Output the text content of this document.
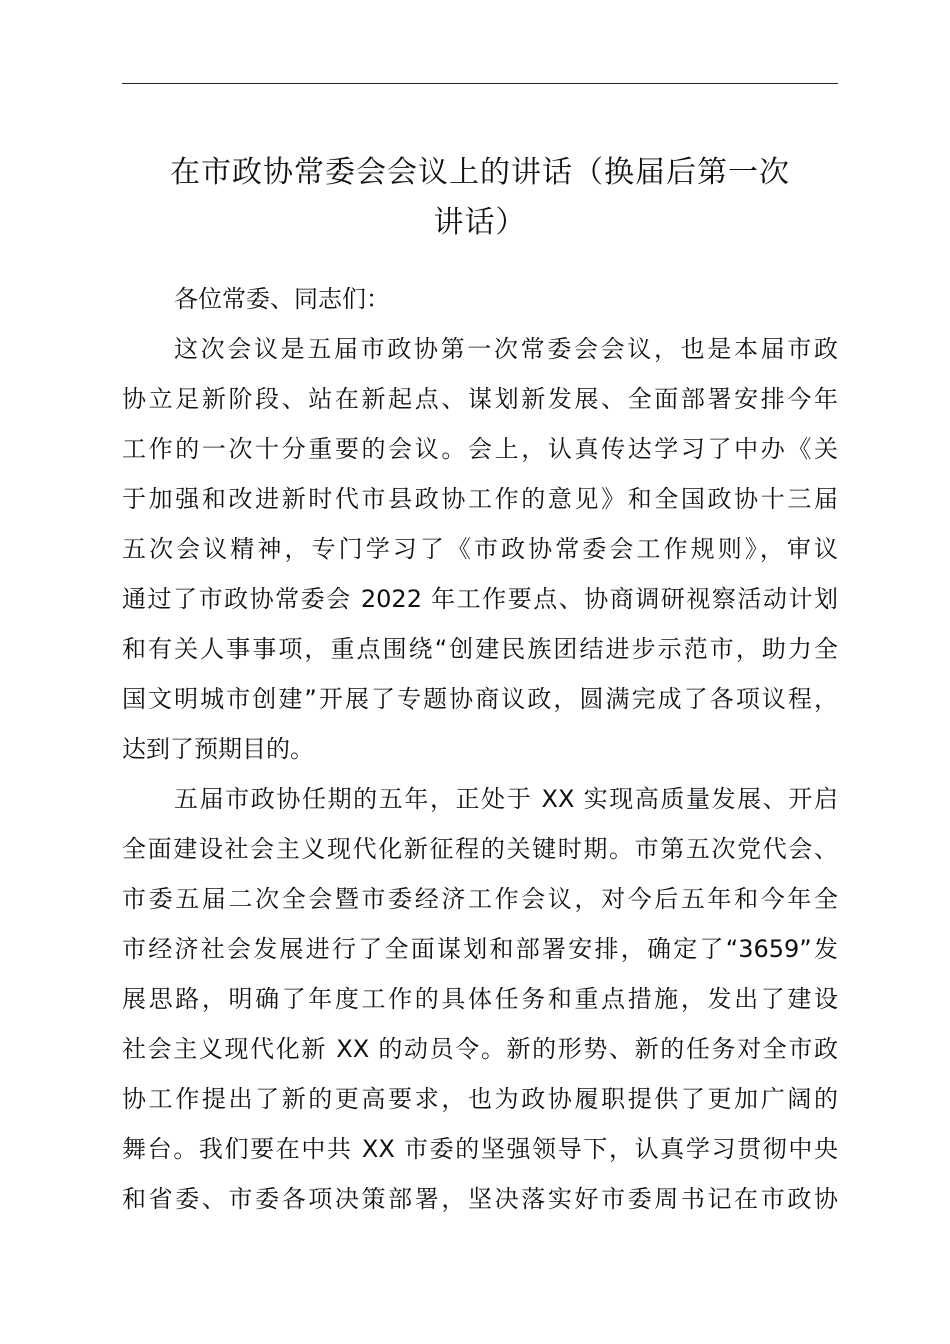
在市政协常委会会议上的讲话（换届后第一次
讲话）
各位常委、同志们：
这次会议是五届市政协第一次常委会会议，也是本届市政
协立足新阶段、站在新起点、谋划新发展、全面部署安排今年
工作的一次十分重要的会议。会上，认真传达学习了中办《关
于加强和改进新时代市县政协工作的意见》和全国政协十三届
五次会议精神，专门学习了《市政协常委会工作规则》，审议
通过了市政协常委会 2022 年工作要点、协商调研视察活动计划
和有关人事事项，重点围绕“创建民族团结进步示范市，助力全
国文明城市创建”开展了专题协商议政，圆满完成了各项议程，
达到了预期目的。
五届市政协任期的五年，正处于 XX 实现高质量发展、开启
全面建设社会主义现代化新征程的关键时期。市第五次党代会、
市委五届二次全会暨市委经济工作会议，对今后五年和今年全
市经济社会发展进行了全面谋划和部署安排，确定了“3659”发
展思路，明确了年度工作的具体任务和重点措施，发出了建设
社会主义现代化新 XX 的动员令。新的形势、新的任务对全市政
协工作提出了新的更高要求，也为政协履职提供了更加广阔的
舞台。我们要在中共 XX 市委的坚强领导下，认真学习贯彻中央
和省委、市委各项决策部署，坚决落实好市委周书记在市政协
